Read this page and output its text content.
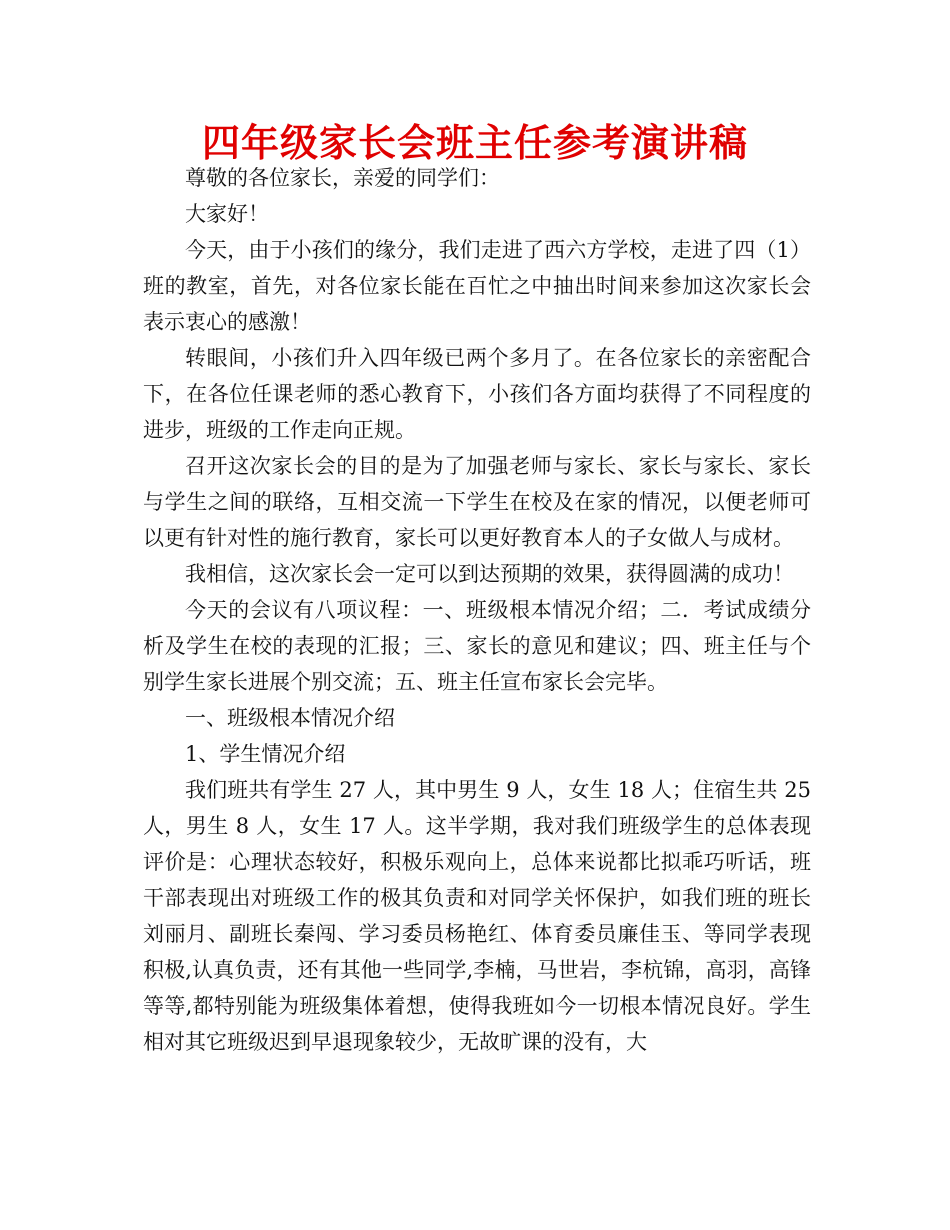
四年级家长会班主任参考演讲稿

尊敬的各位家长，亲爱的同学们：

大家好！

今天，由于小孩们的缘分，我们走进了西六方学校，走进了四（1）班的教室，首先，对各位家长能在百忙之中抽出时间来参加这次家长会表示衷心的感激！

转眼间，小孩们升入四年级已两个多月了。在各位家长的亲密配合下，在各位任课老师的悉心教育下，小孩们各方面均获得了不同程度的进步，班级的工作走向正规。

召开这次家长会的目的是为了加强老师与家长、家长与家长、家长与学生之间的联络，互相交流一下学生在校及在家的情况，以便老师可以更有针对性的施行教育，家长可以更好教育本人的子女做人与成材。

我相信，这次家长会一定可以到达预期的效果，获得圆满的成功！

今天的会议有八项议程：一、班级根本情况介绍；二．考试成绩分析及学生在校的表现的汇报；三、家长的意见和建议；四、班主任与个别学生家长进展个别交流；五、班主任宣布家长会完毕。

一、班级根本情况介绍

1、学生情况介绍

我们班共有学生 27 人，其中男生 9 人，女生 18 人；住宿生共 25 人，男生 8 人，女生 17 人。这半学期，我对我们班级学生的总体表现评价是：心理状态较好，积极乐观向上，总体来说都比拟乖巧听话，班干部表现出对班级工作的极其负责和对同学关怀保护，如我们班的班长刘丽月、副班长秦闯、学习委员杨艳红、体育委员廉佳玉、等同学表现积极,认真负责，还有其他一些同学,李楠，马世岩，李杭锦，高羽，高锋等等,都特别能为班级集体着想，使得我班如今一切根本情况良好。学生相对其它班级迟到早退现象较少，无故旷课的没有，大
